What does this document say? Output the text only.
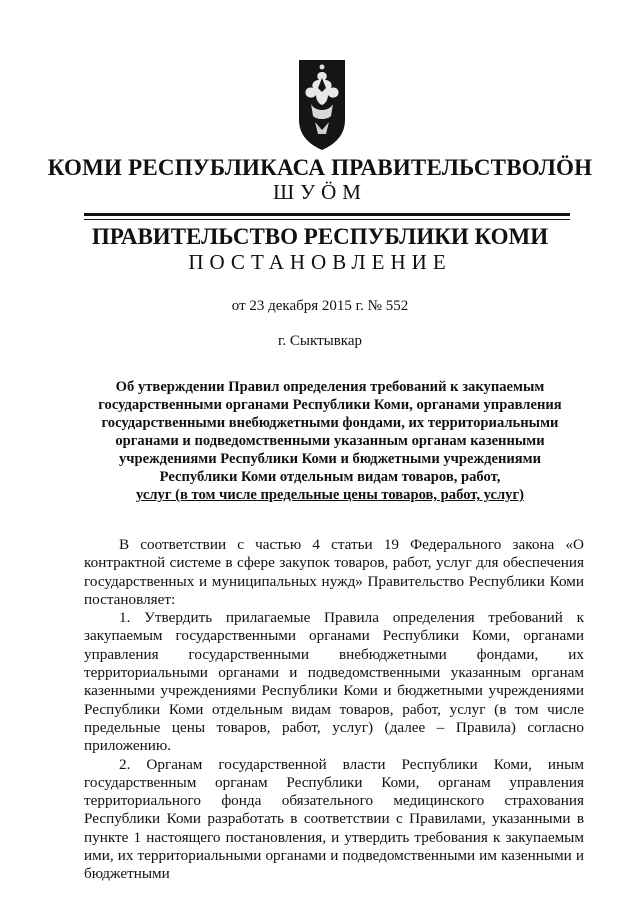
КОМИ РЕСПУБЛИКАСА ПРАВИТЕЛЬСТВОЛÖН
ШУÖМ
ПРАВИТЕЛЬСТВО РЕСПУБЛИКИ КОМИ
ПОСТАНОВЛЕНИЕ
от 23 декабря 2015 г. № 552
г. Сыктывкар
Об утверждении Правил определения требований к закупаемым
государственными органами Республики Коми, органами управления
государственными внебюджетными фондами, их территориальными
органами и подведомственными указанным органам казенными
учреждениями Республики Коми и бюджетными учреждениями
Республики Коми отдельным видам товаров, работ,
услуг (в том числе предельные цены товаров, работ, услуг)

В соответствии с частью 4 статьи 19 Федерального закона «О контрактной системе в сфере закупок товаров, работ, услуг для обеспечения государственных и муниципальных нужд» Правительство Республики Коми постановляет:

1. Утвердить прилагаемые Правила определения требований к закупаемым государственными органами Республики Коми, органами управления государственными внебюджетными фондами, их территориальными органами и подведомственными указанным органам казенными учреждениями Республики Коми и бюджетными учреждениями Республики Коми отдельным видам товаров, работ, услуг (в том числе предельные цены товаров, работ, услуг) (далее – Правила) согласно приложению.

2. Органам государственной власти Республики Коми, иным государственным органам Республики Коми, органам управления территориального фонда обязательного медицинского страхования Республики Коми разработать в соответствии с Правилами, указанными в пункте 1 настоящего постановления, и утвердить требования к закупаемым ими, их территориальными органами и подведомственными им казенными и бюджетными
